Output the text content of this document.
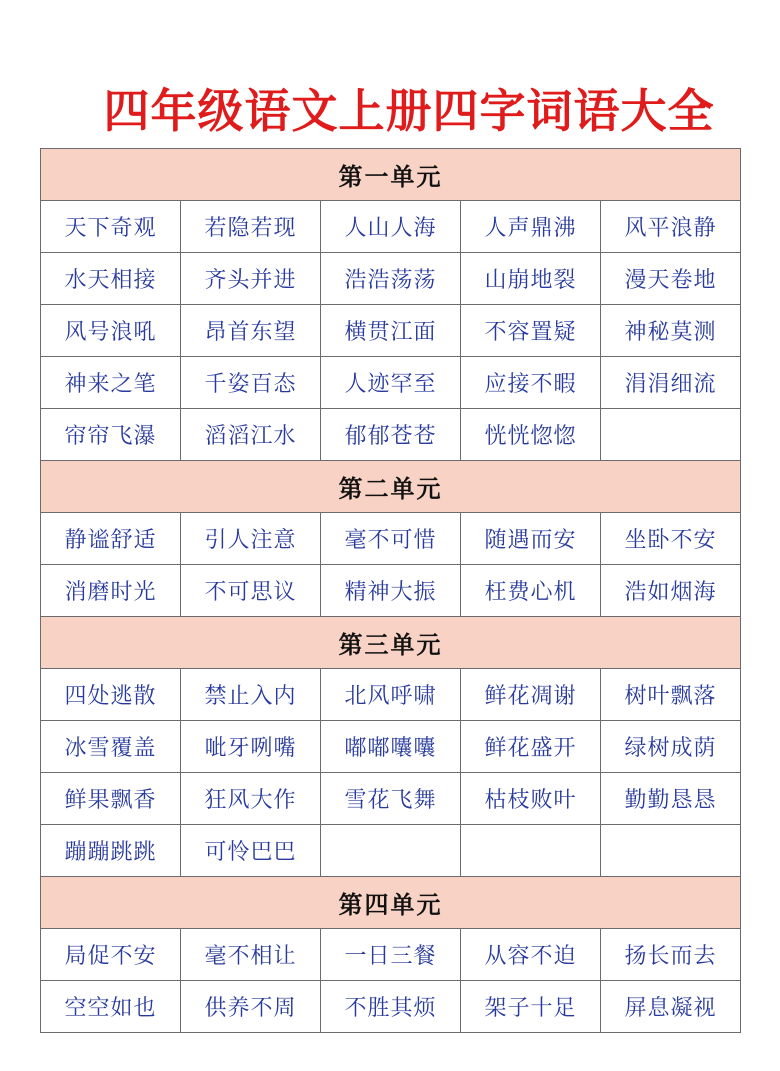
四年级语文上册四字词语大全
第一单元				
天下奇观	若隐若现	人山人海	人声鼎沸	风平浪静
水天相接	齐头并进	浩浩荡荡	山崩地裂	漫天卷地
风号浪吼	昂首东望	横贯江面	不容置疑	神秘莫测
神来之笔	千姿百态	人迹罕至	应接不暇	涓涓细流
帘帘飞瀑	滔滔江水	郁郁苍苍	恍恍惚惚	
第二单元				
静谧舒适	引人注意	毫不可惜	随遇而安	坐卧不安
消磨时光	不可思议	精神大振	枉费心机	浩如烟海
第三单元				
四处逃散	禁止入内	北风呼啸	鲜花凋谢	树叶飘落
冰雪覆盖	呲牙咧嘴	嘟嘟囔囔	鲜花盛开	绿树成荫
鲜果飘香	狂风大作	雪花飞舞	枯枝败叶	勤勤恳恳
蹦蹦跳跳	可怜巴巴			
第四单元				
局促不安	毫不相让	一日三餐	从容不迫	扬长而去
空空如也	供养不周	不胜其烦	架子十足	屏息凝视
